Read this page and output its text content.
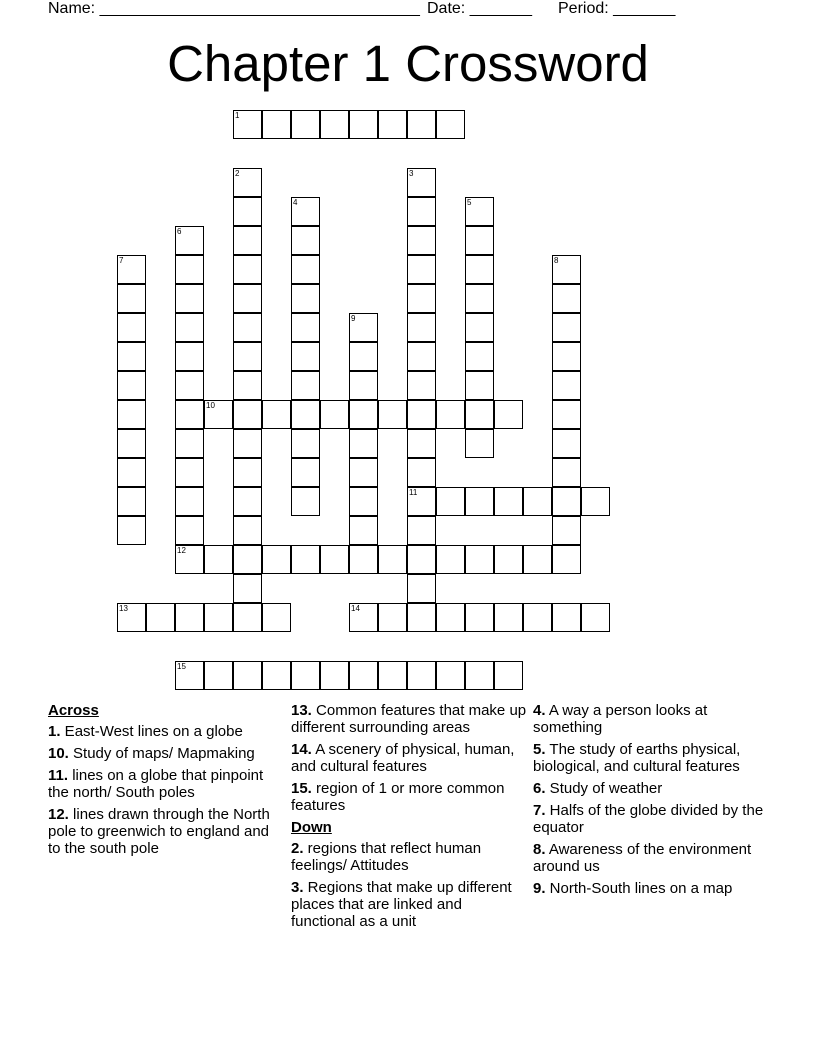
Name: ____________________________________ Date: _______ Period: _______
Chapter 1 Crossword
1
2	3
11
4	5
6
7	8
9
10
12
13	14
15
Across
1. East-West lines on a globe
10. Study of maps/ Mapmaking
11. lines on a globe that pinpoint the north/ South poles
12. lines drawn through the North pole to greenwich to england and to the south pole
13. Common features that make up different surrounding areas
14. A scenery of physical, human, and cultural features
15. region of 1 or more common features
Down
2. regions that reflect human feelings/ Attitudes
3. Regions that make up different places that are linked and functional as a unit
4. A way a person looks at something
5. The study of earths physical, biological, and cultural features
6. Study of weather
7. Halfs of the globe divided by the equator
8. Awareness of the environment around us
9. North-South lines on a map
